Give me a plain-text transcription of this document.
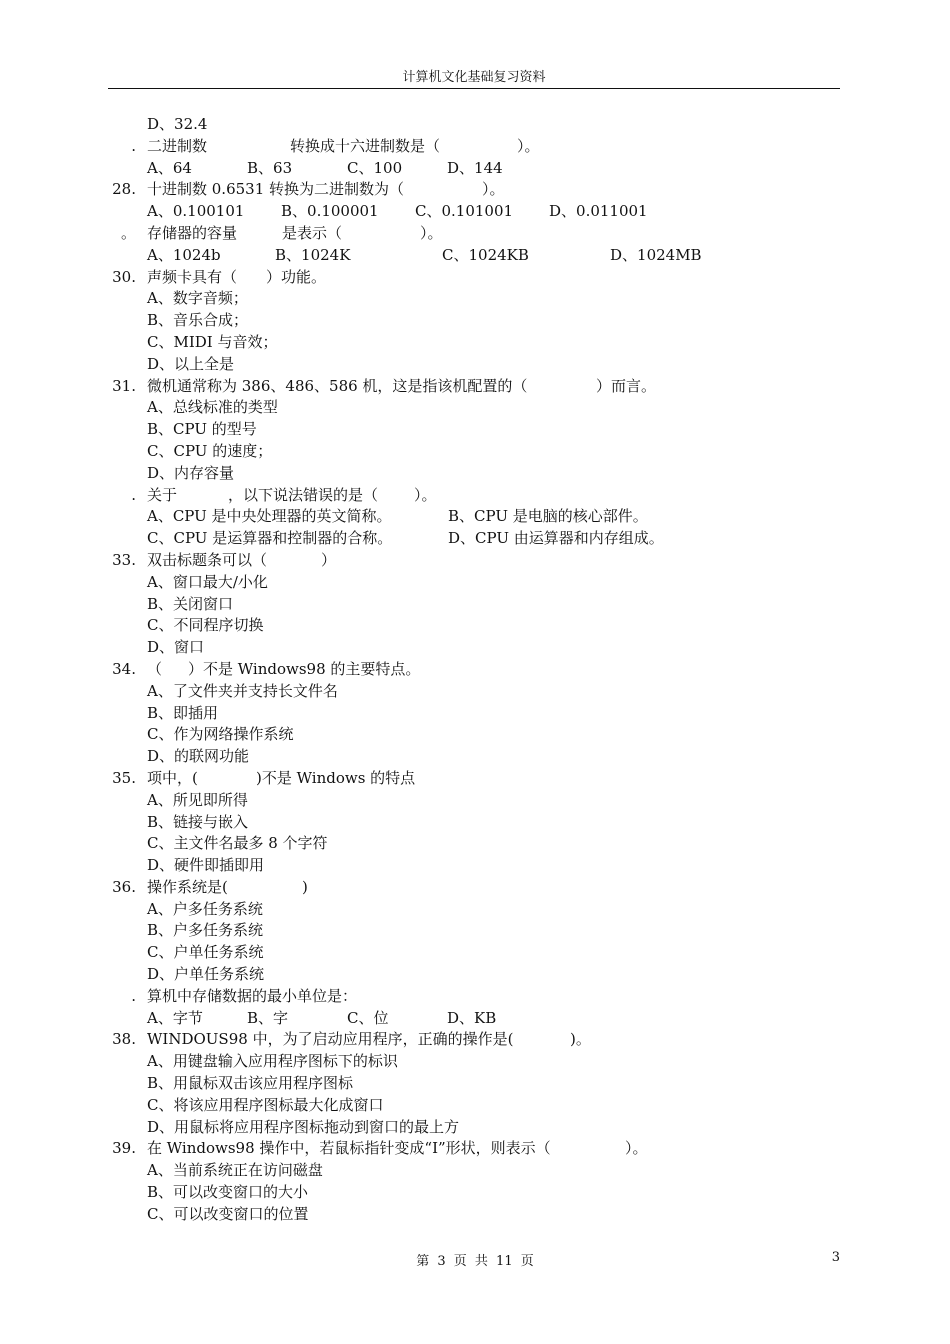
计算机文化基础复习资料
D、32.4
. 二进制数	转换成十六进制数是（	）。
A、64	B、63	C、100	D、144
28. 十进制数 0.6531 转换为二进制数为（	）。
A、0.100101 B、0.100001 C、0.101001 D、0.011001
。 存储器的容量	是表示（	）。
A、1024b	B、1024K	C、1024KB	D、1024MB
30. 声频卡具有（ ）功能。
A、数字音频；
B、音乐合成；
C、MIDI 与音效；
D、以上全是
31. 微机通常称为 386、486、586 机，这是指该机配置的（	）而言。
A、总线标准的类型
B、CPU 的型号
C、CPU 的速度；
D、内存容量
. 关于	，以下说法错误的是（ ）。
A、CPU 是中央处理器的英文简称。	B、CPU 是电脑的核心部件。
C、CPU 是运算器和控制器的合称。	D、CPU 由运算器和内存组成。
33. 双击标题条可以（	）
A、窗口最大/小化
B、关闭窗口
C、不同程序切换
D、窗口
34. （ ）不是 Windows98 的主要特点。
A、了文件夹并支持长文件名
B、即插用
C、作为网络操作系统
D、的联网功能
35. 项中，(	)不是 Windows 的特点
A、所见即所得
B、链接与嵌入
C、主文件名最多 8 个字符
D、硬件即插即用
36. 操作系统是(	)
A、户多任务系统
B、户多任务系统
C、户单任务系统
D、户单任务系统
. 算机中存储数据的最小单位是：
A、字节	B、字	C、位	D、KB
38. WINDOUS98 中，为了启动应用程序，正确的操作是(	)。
A、用键盘输入应用程序图标下的标识
B、用鼠标双击该应用程序图标
C、将该应用程序图标最大化成窗口
D、用鼠标将应用程序图标拖动到窗口的最上方
39. 在 Windows98 操作中，若鼠标指针变成“I”形状，则表示（	）。
A、当前系统正在访问磁盘
B、可以改变窗口的大小
C、可以改变窗口的位置
第 3 页 共 11 页	3
